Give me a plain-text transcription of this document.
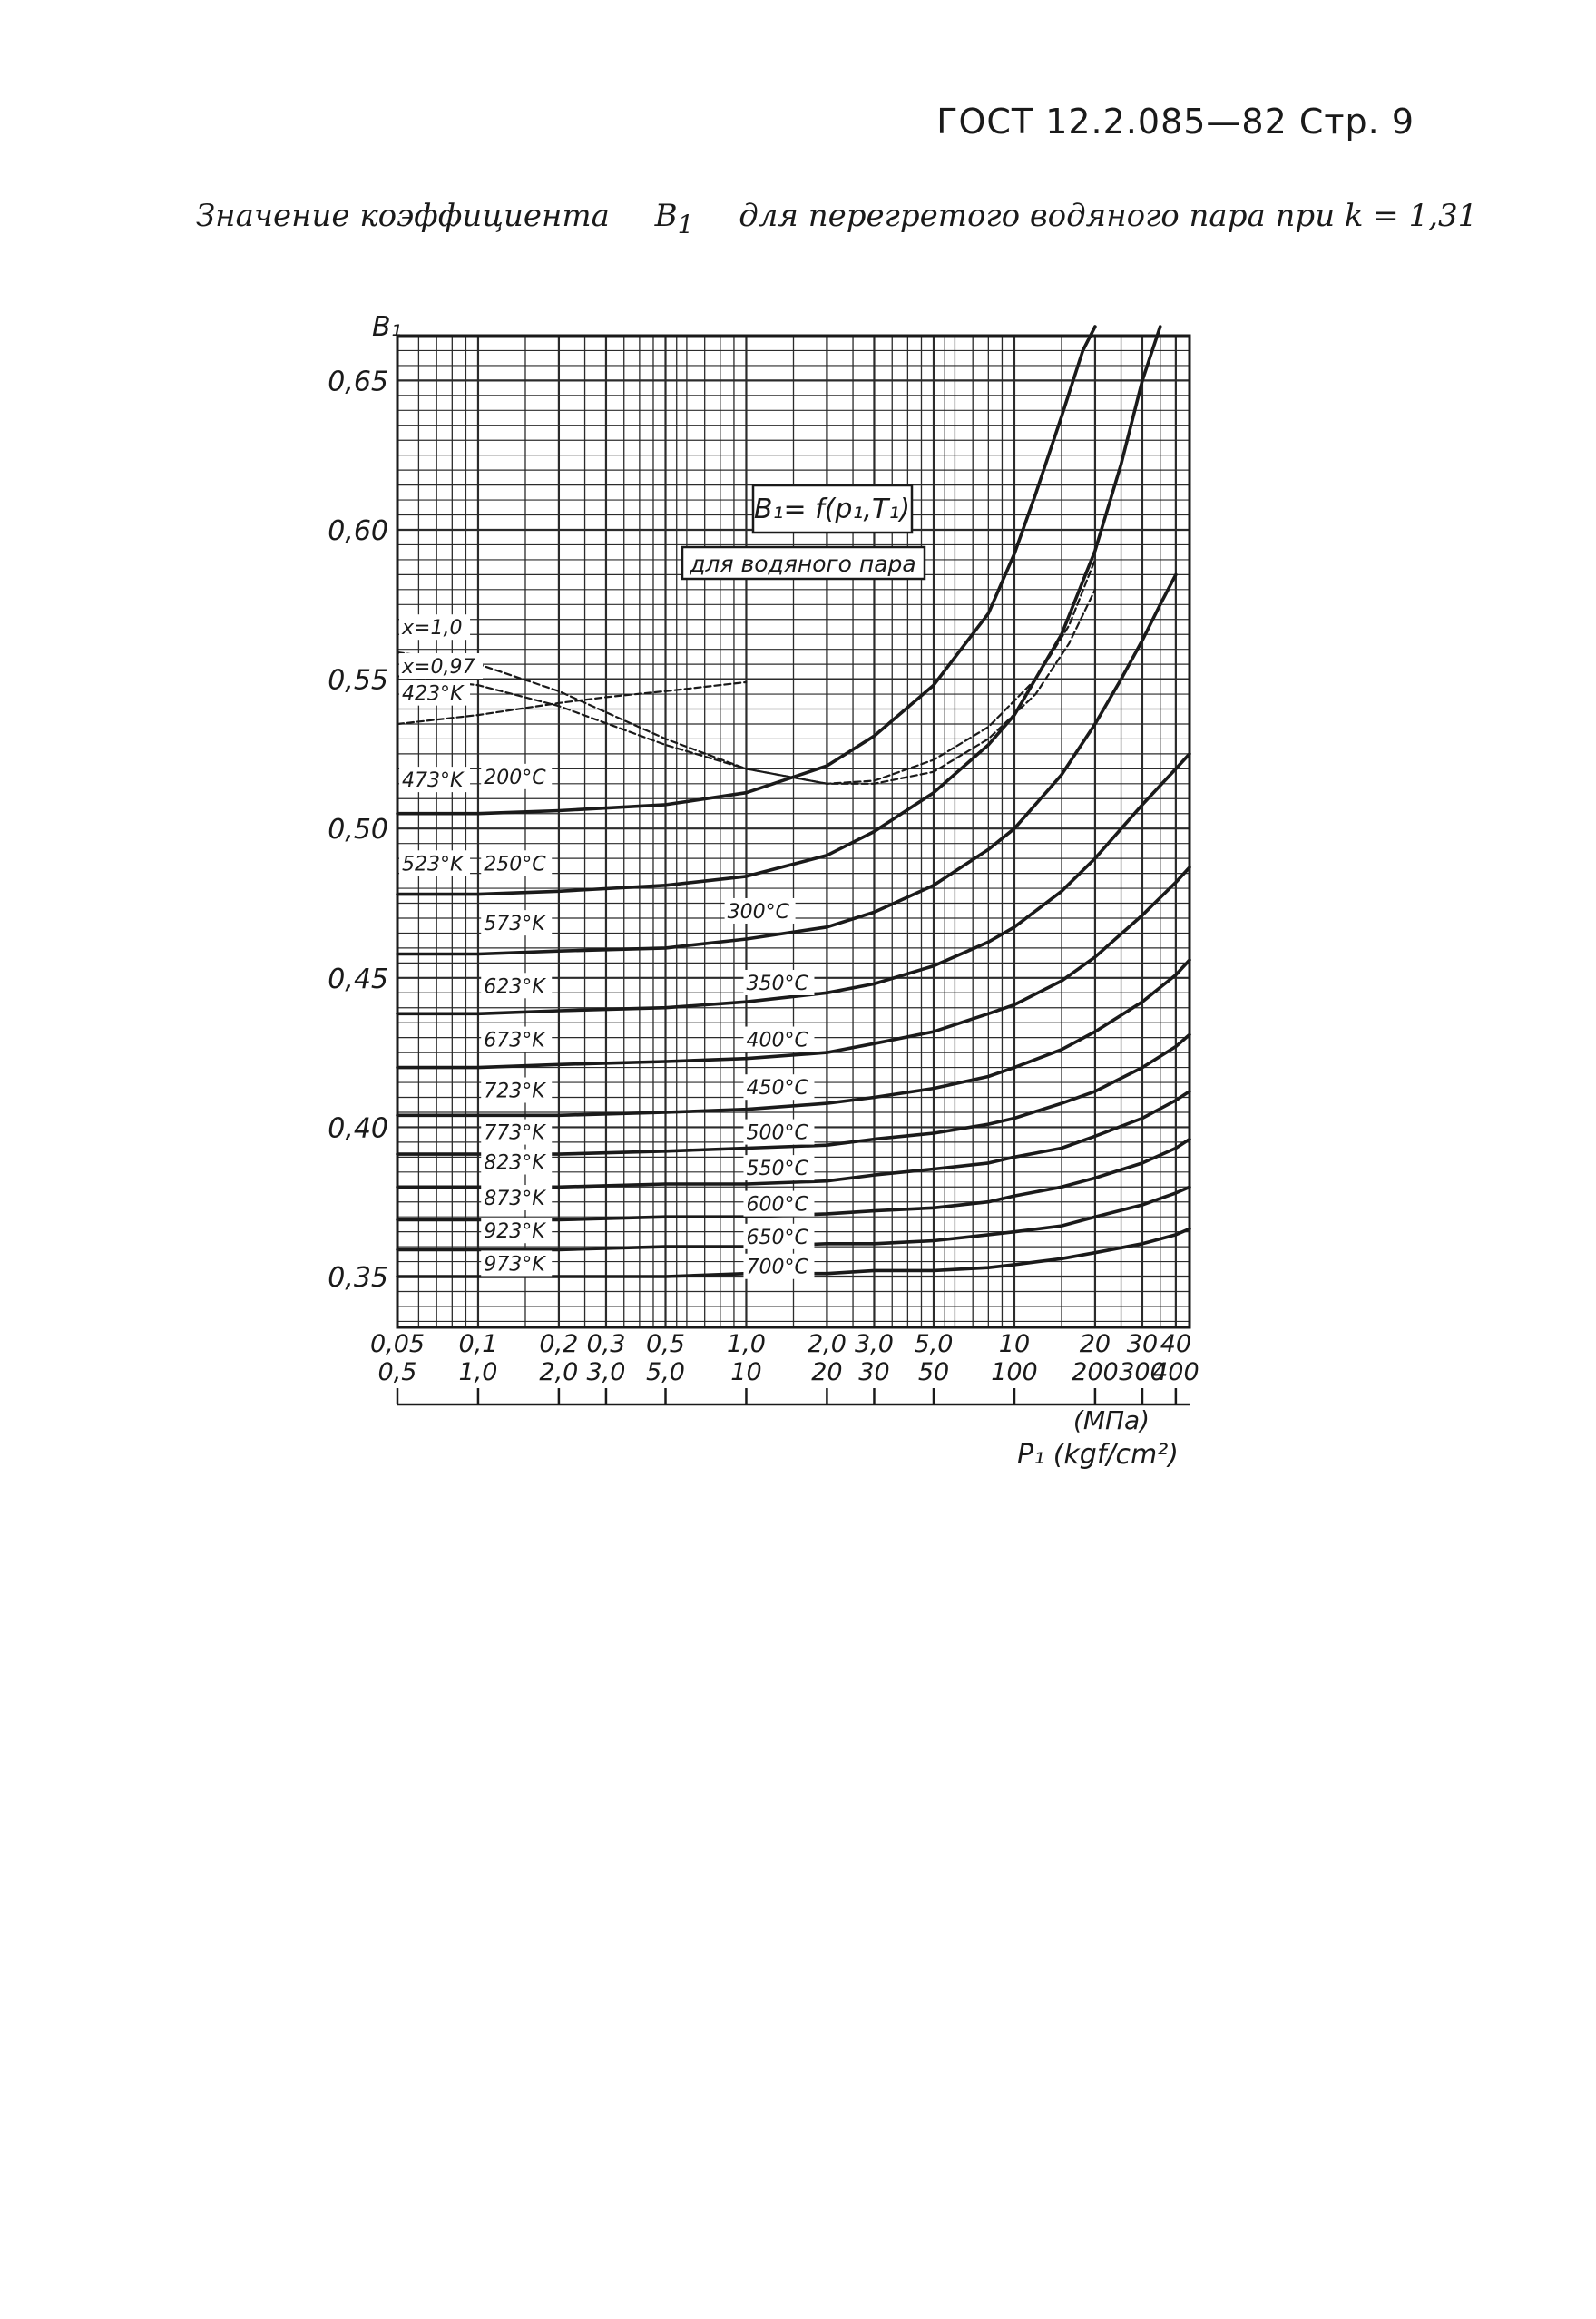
ГОСТ 12.2.085—82 Стр. 9
Значение коэффициента $B_1$ для перегретого водяного пара при k = 1,31
x=1,0
x=0,97
423°K
473°K
523°K
573°K
623°K
673°K
723°K
773°K
823°K
873°K
923°K
973°K
200°C
250°C
300°C
350°C
400°C
450°C
500°C
550°C
600°C
650°C
700°C
0,65
0,60
0,55
0,50
0,45
0,40
0,35
0,05
0,5
0,1
1,0
0,2
2,0
0,3
3,0
0,5
5,0
1,0
10
2,0
20
3,0
30
5,0
50
10
100
20
200
30
300
40
400
B₁= f(p₁,T₁)
для водяного пара
B₁
(MПа)
P₁ (kgf/cm²)
